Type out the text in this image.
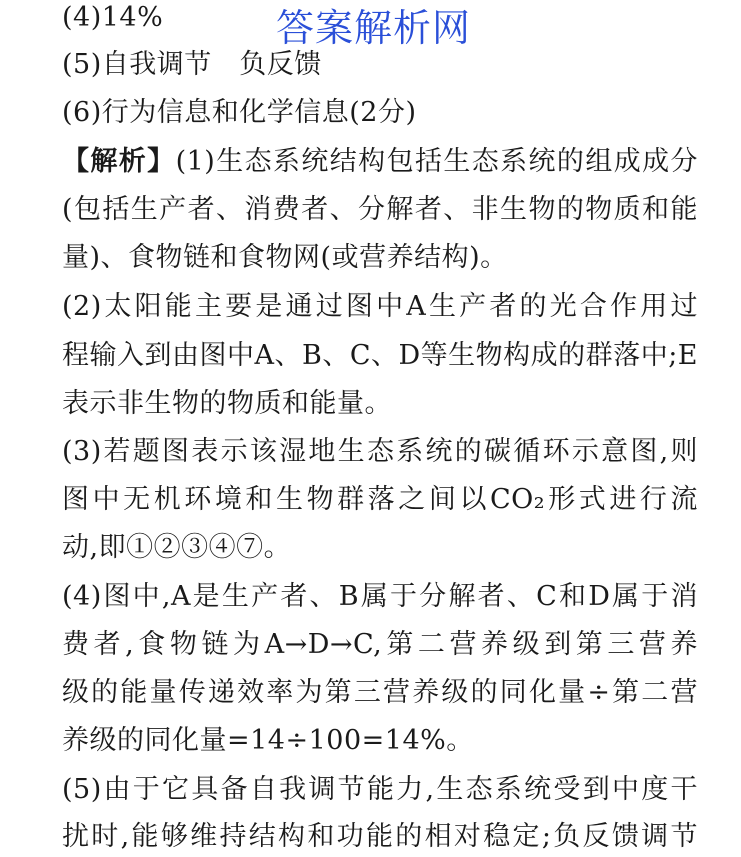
答案解析网
(4)14%
(5)自我调节　负反馈
(6)行为信息和化学信息(2分)
【解析】(1)生态系统结构包括生态系统的组成成分
(包括生产者、消费者、分解者、非生物的物质和能
量)、食物链和食物网(或营养结构)。
(2)太阳能主要是通过图中A生产者的光合作用过
程输入到由图中A、B、C、D等生物构成的群落中;E
表示非生物的物质和能量。
(3)若题图表示该湿地生态系统的碳循环示意图,则
图中无机环境和生物群落之间以CO₂形式进行流
动,即①②③④⑦。
(4)图中,A是生产者、B属于分解者、C和D属于消
费者,食物链为A→D→C,第二营养级到第三营养
级的能量传递效率为第三营养级的同化量÷第二营
养级的同化量=14÷100=14%。
(5)由于它具备自我调节能力,生态系统受到中度干
扰时,能够维持结构和功能的相对稳定;负反馈调节
